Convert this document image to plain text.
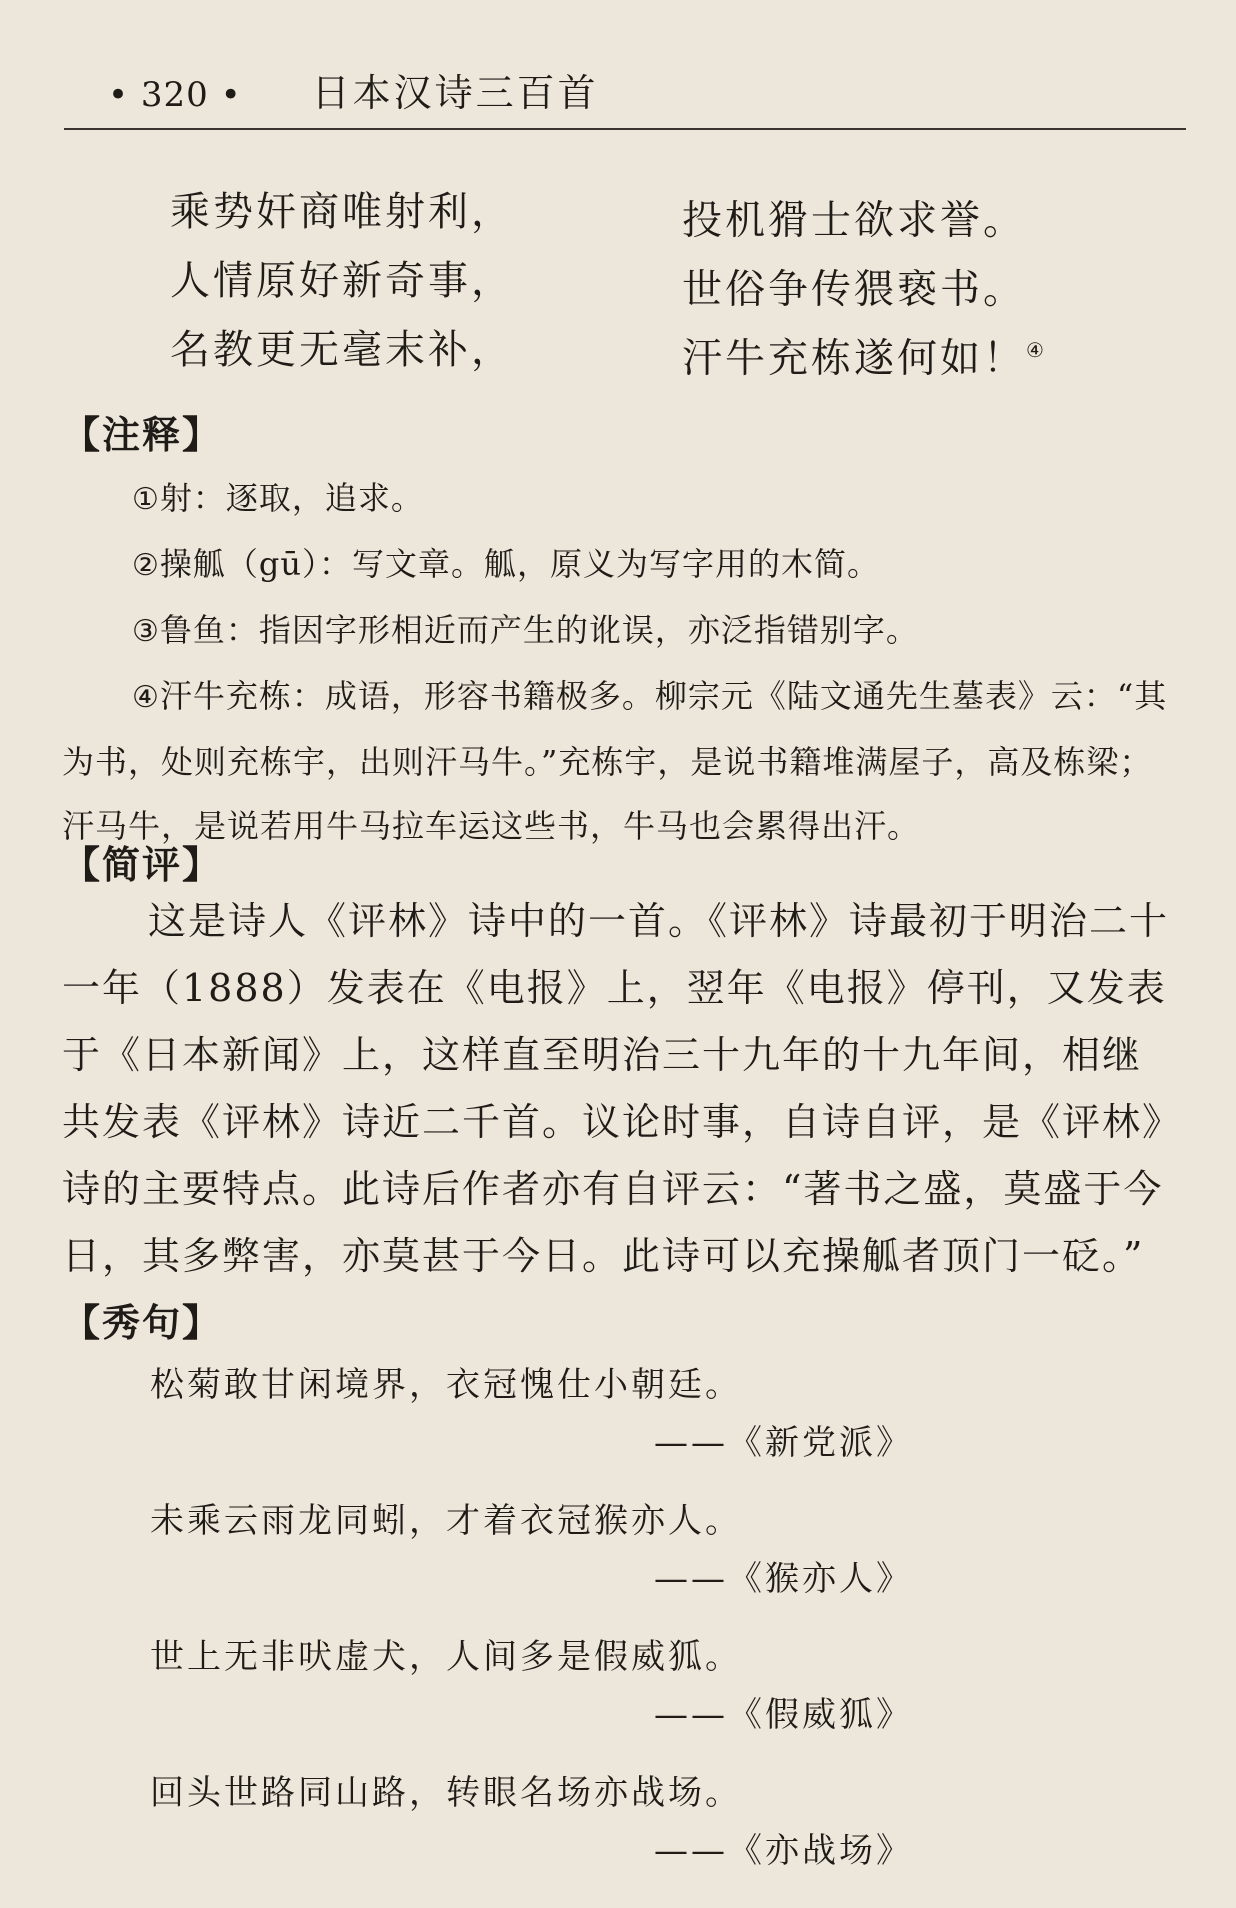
• 320 • 日本汉诗三百首
乘势奸商唯射利，	投机猾士欲求誉。
人情原好新奇事，	世俗争传猥亵书。
名教更无毫末补，	汗牛充栋遂何如！④
【注释】

①射：逐取，追求。

②操觚（gū）：写文章。觚，原义为写字用的木简。

③鲁鱼：指因字形相近而产生的讹误，亦泛指错别字。

④汗牛充栋：成语，形容书籍极多。柳宗元《陆文通先生墓表》云：“其为书，处则充栋宇，出则汗马牛。”充栋宇，是说书籍堆满屋子，高及栋梁；汗马牛，是说若用牛马拉车运这些书，牛马也会累得出汗。

【简评】

这是诗人《评林》诗中的一首。《评林》诗最初于明治二十一年（1888）发表在《电报》上，翌年《电报》停刊，又发表于《日本新闻》上，这样直至明治三十九年的十九年间，相继共发表《评林》诗近二千首。议论时事，自诗自评，是《评林》诗的主要特点。此诗后作者亦有自评云：“著书之盛，莫盛于今日，其多弊害，亦莫甚于今日。此诗可以充操觚者顶门一砭。”

【秀句】
松菊敢甘闲境界，衣冠愧仕小朝廷。
——《新党派》
未乘云雨龙同蚓，才着衣冠猴亦人。
——《猴亦人》
世上无非吠虚犬，人间多是假威狐。
——《假威狐》
回头世路同山路，转眼名场亦战场。
——《亦战场》
